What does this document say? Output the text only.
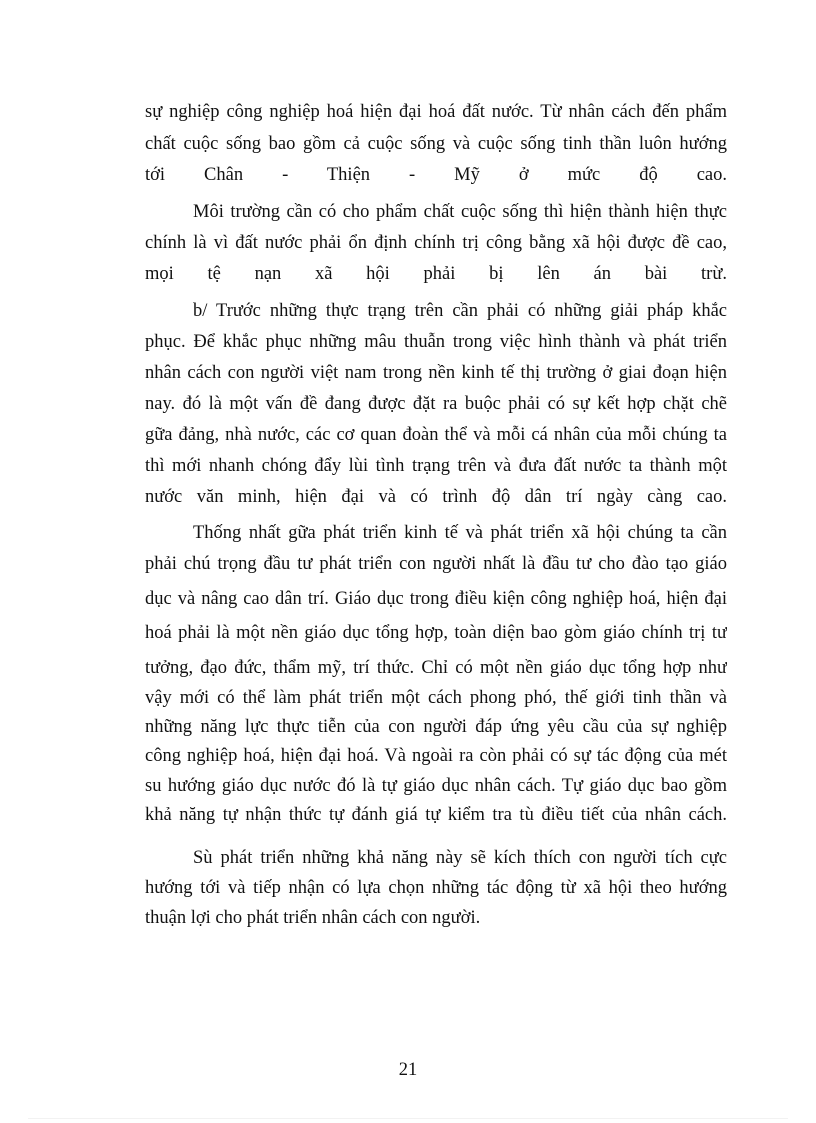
sự nghiệp công nghiệp hoá hiện đại hoá đất nước. Từ nhân cách đến phẩm
chất cuộc sống bao gồm cả cuộc sống và cuộc sống tinh thần luôn hướng
tới Chân - Thiện - Mỹ ở mức độ cao.
Môi trường cần có cho phẩm chất cuộc sống thì hiện thành hiện thực
chính là vì đất nước phải ổn định chính trị công bằng xã hội được đề cao,
mọi tệ nạn xã hội phải bị lên án bài trừ.
b/ Trước những thực trạng trên cần phải có những giải pháp khắc
phục. Để khắc phục những mâu thuẫn trong việc hình thành và phát triển
nhân cách con người việt nam trong nền kinh tế thị trường ở giai đoạn hiện
nay. đó là một vấn đề đang được đặt ra buộc phải có sự kết hợp chặt chẽ
gữa đảng, nhà nước, các cơ quan đoàn thể và mỗi cá nhân của mỗi chúng ta
thì mới nhanh chóng đẩy lùi tình trạng trên và đưa đất nước ta thành một
nước văn minh, hiện đại và có trình độ dân trí ngày càng cao.
Thống nhất gữa phát triển kinh tế và phát triển xã hội chúng ta cần
phải chú trọng đầu tư phát triển con người nhất là đầu tư cho đào tạo giáo
dục và nâng cao dân trí. Giáo dục trong điều kiện công nghiệp hoá, hiện đại
hoá phải là một nền giáo dục tổng hợp, toàn diện bao gòm giáo chính trị tư
tưởng, đạo đức, thẩm mỹ, trí thức. Chỉ có một nền giáo dục tổng hợp như
vậy mới có thể làm phát triển một cách phong phó, thế giới tinh thần và
những năng lực thực tiễn của con người đáp ứng yêu cầu của sự nghiệp
công nghiệp hoá, hiện đại hoá. Và ngoài ra còn phải có sự tác động của mét
su hướng giáo dục nước đó là tự giáo dục nhân cách. Tự giáo dục bao gồm
khả năng tự nhận thức tự đánh giá tự kiểm tra tù điều tiết của nhân cách.
Sù phát triển những khả năng này sẽ kích thích con người tích cực
hướng tới và tiếp nhận có lựa chọn những tác động từ xã hội theo hướng
thuận lợi cho phát triển nhân cách con người.
21
